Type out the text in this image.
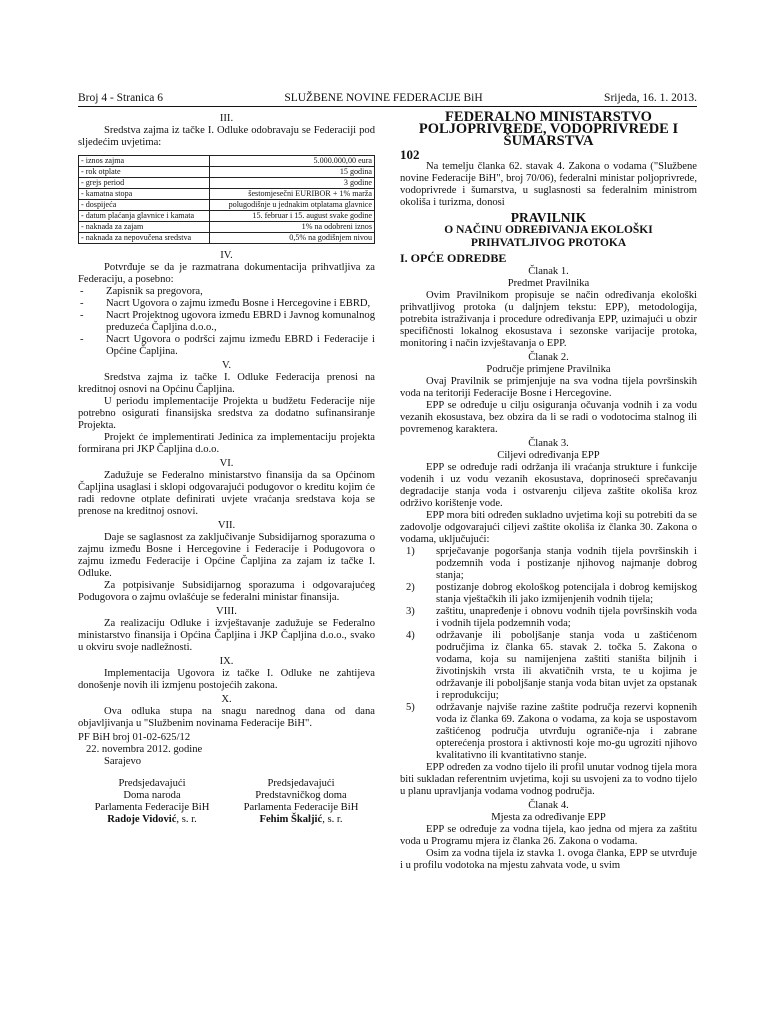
Broj 4 - Stranica 6	SLUŽBENE NOVINE FEDERACIJE BiH	Srijeda, 16. 1. 2013.

III.

Sredstva zajma iz tačke I. Odluke odobravaju se Federaciji pod sljedećim uvjetima:

- iznos zajma	5.000.000,00 eura
- rok otplate	15 godina
- grejs period	3 godine
- kamatna stopa	šestomjesečni EURIBOR + 1% marža
- dospijeća	polugodišnje u jednakim otplatama glavnice
- datum plaćanja glavnice i kamata	15. februar i 15. august svake godine
- naknada za zajam	1% na odobreni iznos
- naknada za nepovučena sredstva	0,5% na godišnjem nivou

IV.

Potvrđuje se da je razmatrana dokumentacija prihvatljiva za Federaciju, a posebno:

-	Zapisnik sa pregovora,
-	Nacrt Ugovora o zajmu između Bosne i Hercegovine i EBRD,
-	Nacrt Projektnog ugovora između EBRD i Javnog komunalnog preduzeća Čapljina d.o.o.,
-	Nacrt Ugovora o podršci zajmu između EBRD i Federacije i Općine Čapljina.

V.

Sredstva zajma iz tačke I. Odluke Federacija prenosi na kreditnoj osnovi na Općinu Čapljina.

U periodu implementacije Projekta u budžetu Federacije nije potrebno osigurati finansijska sredstva za dodatno sufinansiranje Projekta.

Projekt će implementirati Jedinica za implementaciju projekta formirana pri JKP Čapljina d.o.o.

VI.

Zadužuje se Federalno ministarstvo finansija da sa Općinom Čapljina usaglasi i sklopi odgovarajući podugovor o kreditu kojim će radi redovne otplate definirati uvjete vraćanja sredstava koja se prenose na kreditnoj osnovi.

VII.

Daje se saglasnost za zaključivanje Subsidijarnog sporazuma o zajmu između Bosne i Hercegovine i Federacije i Podugovora o zajmu između Federacije i Općine Čapljina za zajam iz tačke I. Odluke.

Za potpisivanje Subsidijarnog sporazuma i odgovarajućeg Podugovora o zajmu ovlašćuje se federalni ministar finansija.

VIII.

Za realizaciju Odluke i izvještavanje zadužuje se Federalno ministarstvo finansija i Općina Čapljina i JKP Čapljina d.o.o., svako u okviru svoje nadležnosti.

IX.

Implementacija Ugovora iz tačke I. Odluke ne zahtijeva donošenje novih ili izmjenu postojećih zakona.

X.

Ova odluka stupa na snagu narednog dana od dana objavljivanja u "Službenim novinama Federacije BiH".

PF BiH broj 01-02-625/12

22. novembra 2012. godine

Sarajevo

Predsjedavajući

Doma naroda

Parlamenta Federacije BiH

Radoje Vidović, s. r.

Predsjedavajući

Predstavničkog doma

Parlamenta Federacije BiH

Fehim Škaljić, s. r.

FEDERALNO MINISTARSTVO POLJOPRIVREDE, VODOPRIVREDE I ŠUMARSTVA

102

Na temelju članka 62. stavak 4. Zakona o vodama ("Službene novine Federacije BiH", broj 70/06), federalni ministar poljoprivrede, vodoprivrede i šumarstva, u suglasnosti sa federalnim ministrom okoliša i turizma, donosi

PRAVILNIK

O NAČINU ODREĐIVANJA EKOLOŠKI PRIHVATLJIVOG PROTOKA

I. OPĆE ODREDBE

Članak 1.

Predmet Pravilnika

Ovim Pravilnikom propisuje se način određivanja ekološki prihvatljivog protoka (u daljnjem tekstu: EPP), metodologija, potrebita istraživanja i procedure određivanja EPP, uzimajući u obzir specifičnosti lokalnog ekosustava i sezonske varijacije protoka, monitoring i način izvještavanja o EPP.

Članak 2.

Područje primjene Pravilnika

Ovaj Pravilnik se primjenjuje na sva vodna tijela površinskih voda na teritoriji Federacije Bosne i Hercegovine.

EPP se određuje u cilju osiguranja očuvanja vodnih i za vodu vezanih ekosustava, bez obzira da li se radi o vodotocima stalnog ili povremenog karaktera.

Članak 3.

Ciljevi određivanja EPP

EPP se određuje radi održanja ili vraćanja strukture i funkcije vodenih i uz vodu vezanih ekosustava, doprinoseći sprečavanju degradacije stanja voda i ostvarenju ciljeva zaštite okoliša kroz održivo korištenje vode.

EPP mora biti određen sukladno uvjetima koji su potrebiti da se zadovolje odgovarajući ciljevi zaštite okoliša iz članka 30. Zakona o vodama, uključujući:

1)	sprječavanje pogoršanja stanja vodnih tijela površinskih i podzemnih voda i postizanje njihovog najmanje dobrog stanja;
2)	postizanje dobrog ekološkog potencijala i dobrog kemijskog stanja vještačkih ili jako izmijenjenih vodnih tijela;
3)	zaštitu, unapređenje i obnovu vodnih tijela površinskih voda i vodnih tijela podzemnih voda;
4)	održavanje ili poboljšanje stanja voda u zaštićenom područjima iz članka 65. stavak 2. točka 5. Zakona o vodama, koja su namijenjena zaštiti staništa biljnih i životinjskih vrsta ili akvatičnih vrsta, te u kojima je održavanje ili poboljšanje stanja voda bitan uvjet za opstanak i reprodukciju;
5)	održavanje najviše razine zaštite područja rezervi kopnenih voda iz članka 69. Zakona o vodama, za koja se uspostavom zaštićenog područja utvrđuju ograniče-nja i zabrane opterećenja prostora i aktivnosti koje mo-gu ugroziti njihovo kvalitativno ili kvantitativno stanje.

EPP određen za vodno tijelo ili profil unutar vodnog tijela mora biti sukladan referentnim uvjetima, koji su usvojeni za to vodno tijelo u planu upravljanja vodama vodnog područja.

Članak 4.

Mjesta za određivanje EPP

EPP se određuje za vodna tijela, kao jedna od mjera za zaštitu voda u Programu mjera iz članka 26. Zakona o vodama.

Osim za vodna tijela iz stavka 1. ovoga članka, EPP se utvrđuje i u profilu vodotoka na mjestu zahvata vode, u svim
